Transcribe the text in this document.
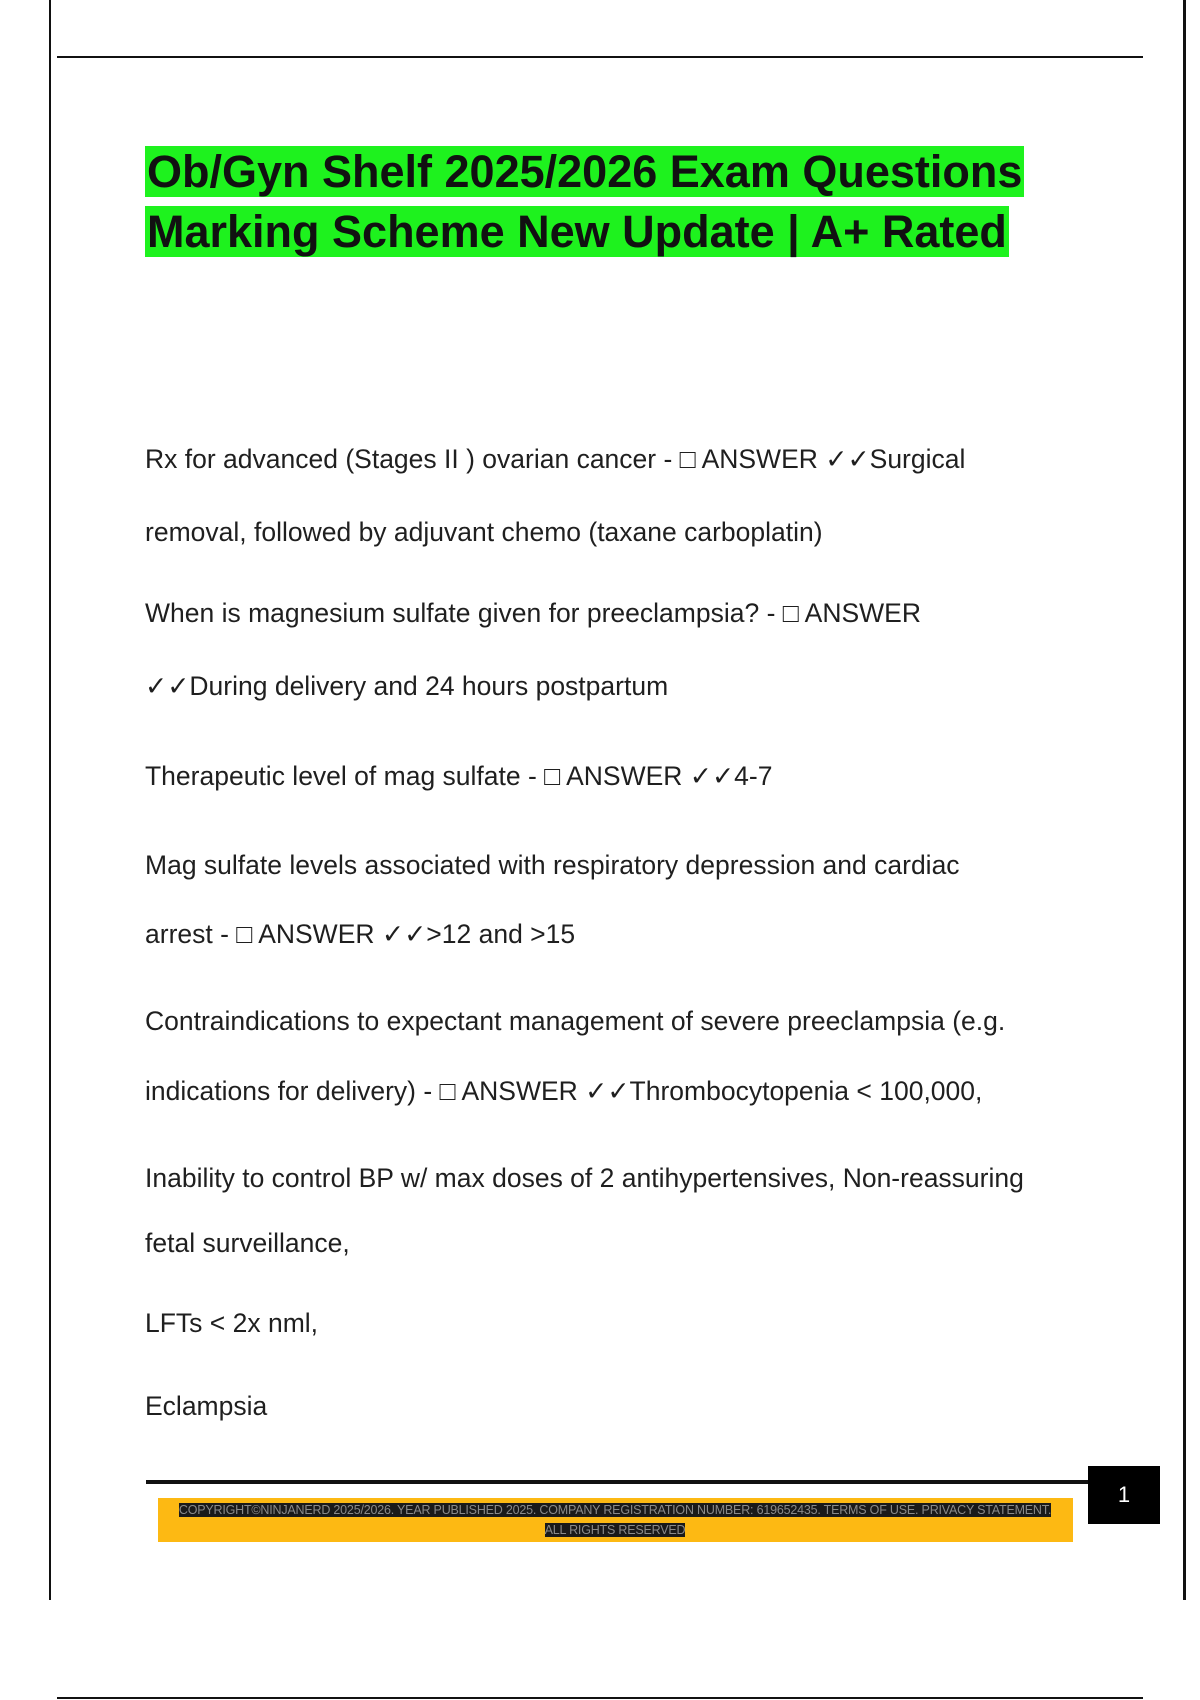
Ob/Gyn Shelf 2025/2026 Exam Questions Marking Scheme New Update | A+ Rated
Rx for advanced (Stages II ) ovarian cancer - □ ANSWER ✓✓Surgical
removal, followed by adjuvant chemo (taxane carboplatin)
When is magnesium sulfate given for preeclampsia? - □ ANSWER
✓✓During delivery and 24 hours postpartum
Therapeutic level of mag sulfate - □ ANSWER ✓✓4-7
Mag sulfate levels associated with respiratory depression and cardiac
arrest - □ ANSWER ✓✓>12 and >15
Contraindications to expectant management of severe preeclampsia (e.g.
indications for delivery) - □ ANSWER ✓✓Thrombocytopenia < 100,000,
Inability to control BP w/ max doses of 2 antihypertensives, Non-reassuring
fetal surveillance,
LFTs < 2x nml,
Eclampsia
1
COPYRIGHT©NINJANERD 2025/2026. YEAR PUBLISHED 2025. COMPANY REGISTRATION NUMBER: 619652435. TERMS OF USE. PRIVACY STATEMENT. ALL RIGHTS RESERVED
